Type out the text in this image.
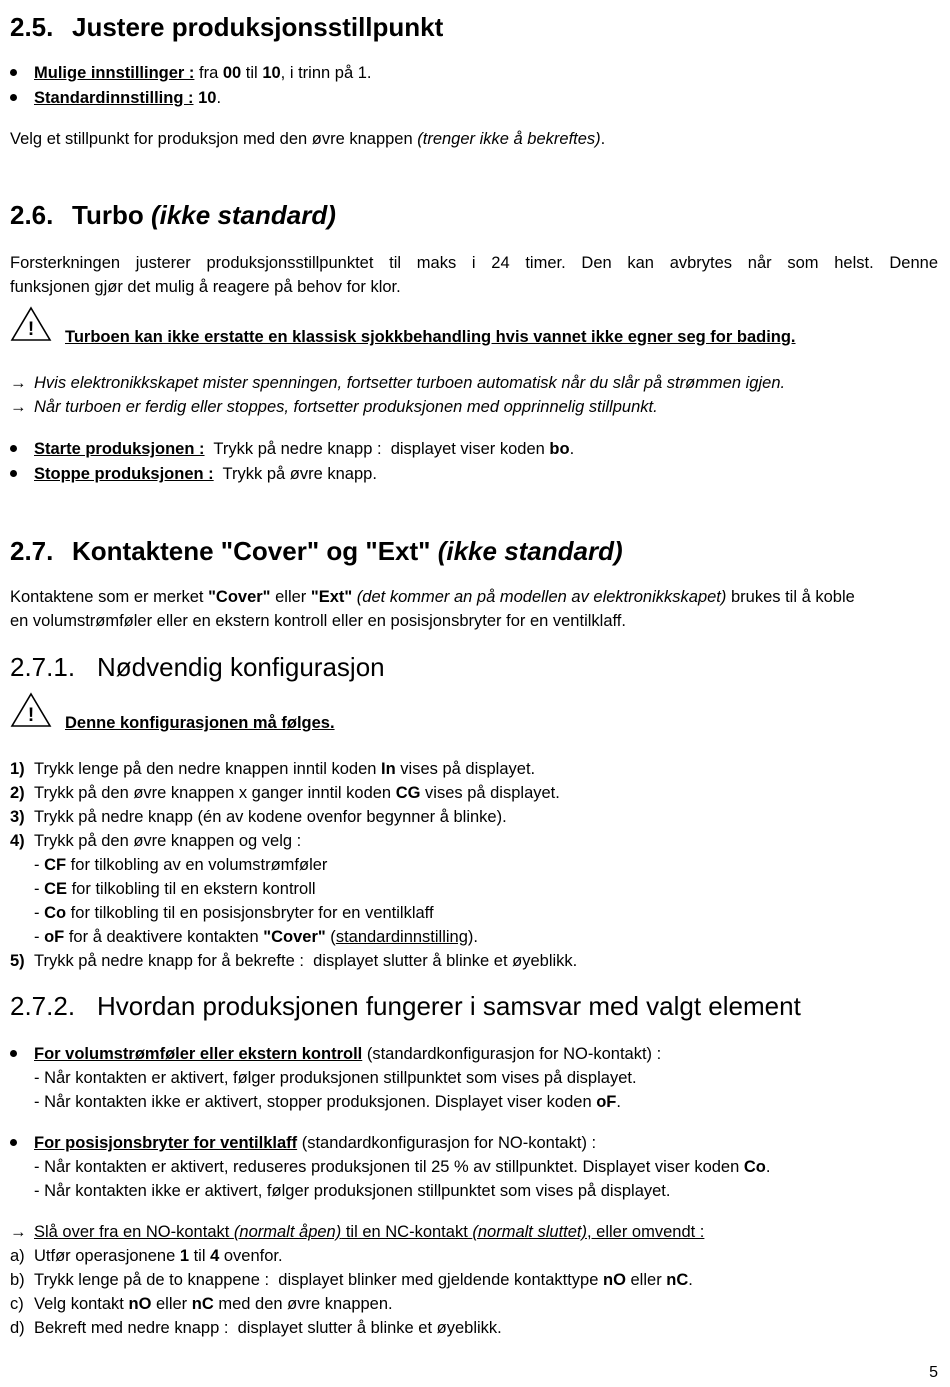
2.5. Justere produksjonsstillpunkt
Mulige innstillinger : fra 00 til 10, i trinn på 1.
Standardinnstilling : 10.
Velg et stillpunkt for produksjon med den øvre knappen (trenger ikke å bekreftes).
2.6. Turbo (ikke standard)
Forsterkningen justerer produksjonsstillpunktet til maks i 24 timer. Den kan avbrytes når som helst. Denne
funksjonen gjør det mulig å reagere på behov for klor.
! Turboen kan ikke erstatte en klassisk sjokkbehandling hvis vannet ikke egner seg for bading.
→ Hvis elektronikkskapet mister spenningen, fortsetter turboen automatisk når du slår på strømmen igjen.
→ Når turboen er ferdig eller stoppes, fortsetter produksjonen med opprinnelig stillpunkt.
Starte produksjonen :  Trykk på nedre knapp :  displayet viser koden bo.
Stoppe produksjonen :  Trykk på øvre knapp.
2.7. Kontaktene "Cover" og "Ext" (ikke standard)
Kontaktene som er merket "Cover" eller "Ext" (det kommer an på modellen av elektronikkskapet) brukes til å koble
en volumstrømføler eller en ekstern kontroll eller en posisjonsbryter for en ventilklaff.
2.7.1. Nødvendig konfigurasjon
! Denne konfigurasjonen må følges.
1) Trykk lenge på den nedre knappen inntil koden In vises på displayet.
2) Trykk på den øvre knappen x ganger inntil koden CG vises på displayet.
3) Trykk på nedre knapp (én av kodene ovenfor begynner å blinke).
4) Trykk på den øvre knappen og velg :
- CF for tilkobling av en volumstrømføler
- CE for tilkobling til en ekstern kontroll
- Co for tilkobling til en posisjonsbryter for en ventilklaff
- oF for å deaktivere kontakten "Cover" (standardinnstilling).
5) Trykk på nedre knapp for å bekrefte :  displayet slutter å blinke et øyeblikk.
2.7.2. Hvordan produksjonen fungerer i samsvar med valgt element
For volumstrømføler eller ekstern kontroll (standardkonfigurasjon for NO-kontakt) :
- Når kontakten er aktivert, følger produksjonen stillpunktet som vises på displayet.
- Når kontakten ikke er aktivert, stopper produksjonen. Displayet viser koden oF.
For posisjonsbryter for ventilklaff (standardkonfigurasjon for NO-kontakt) :
- Når kontakten er aktivert, reduseres produksjonen til 25 % av stillpunktet. Displayet viser koden Co.
- Når kontakten ikke er aktivert, følger produksjonen stillpunktet som vises på displayet.
→ Slå over fra en NO-kontakt (normalt åpen) til en NC-kontakt (normalt sluttet), eller omvendt :
a) Utfør operasjonene 1 til 4 ovenfor.
b) Trykk lenge på de to knappene :  displayet blinker med gjeldende kontakttype nO eller nC.
c) Velg kontakt nO eller nC med den øvre knappen.
d) Bekreft med nedre knapp :  displayet slutter å blinke et øyeblikk.
5
